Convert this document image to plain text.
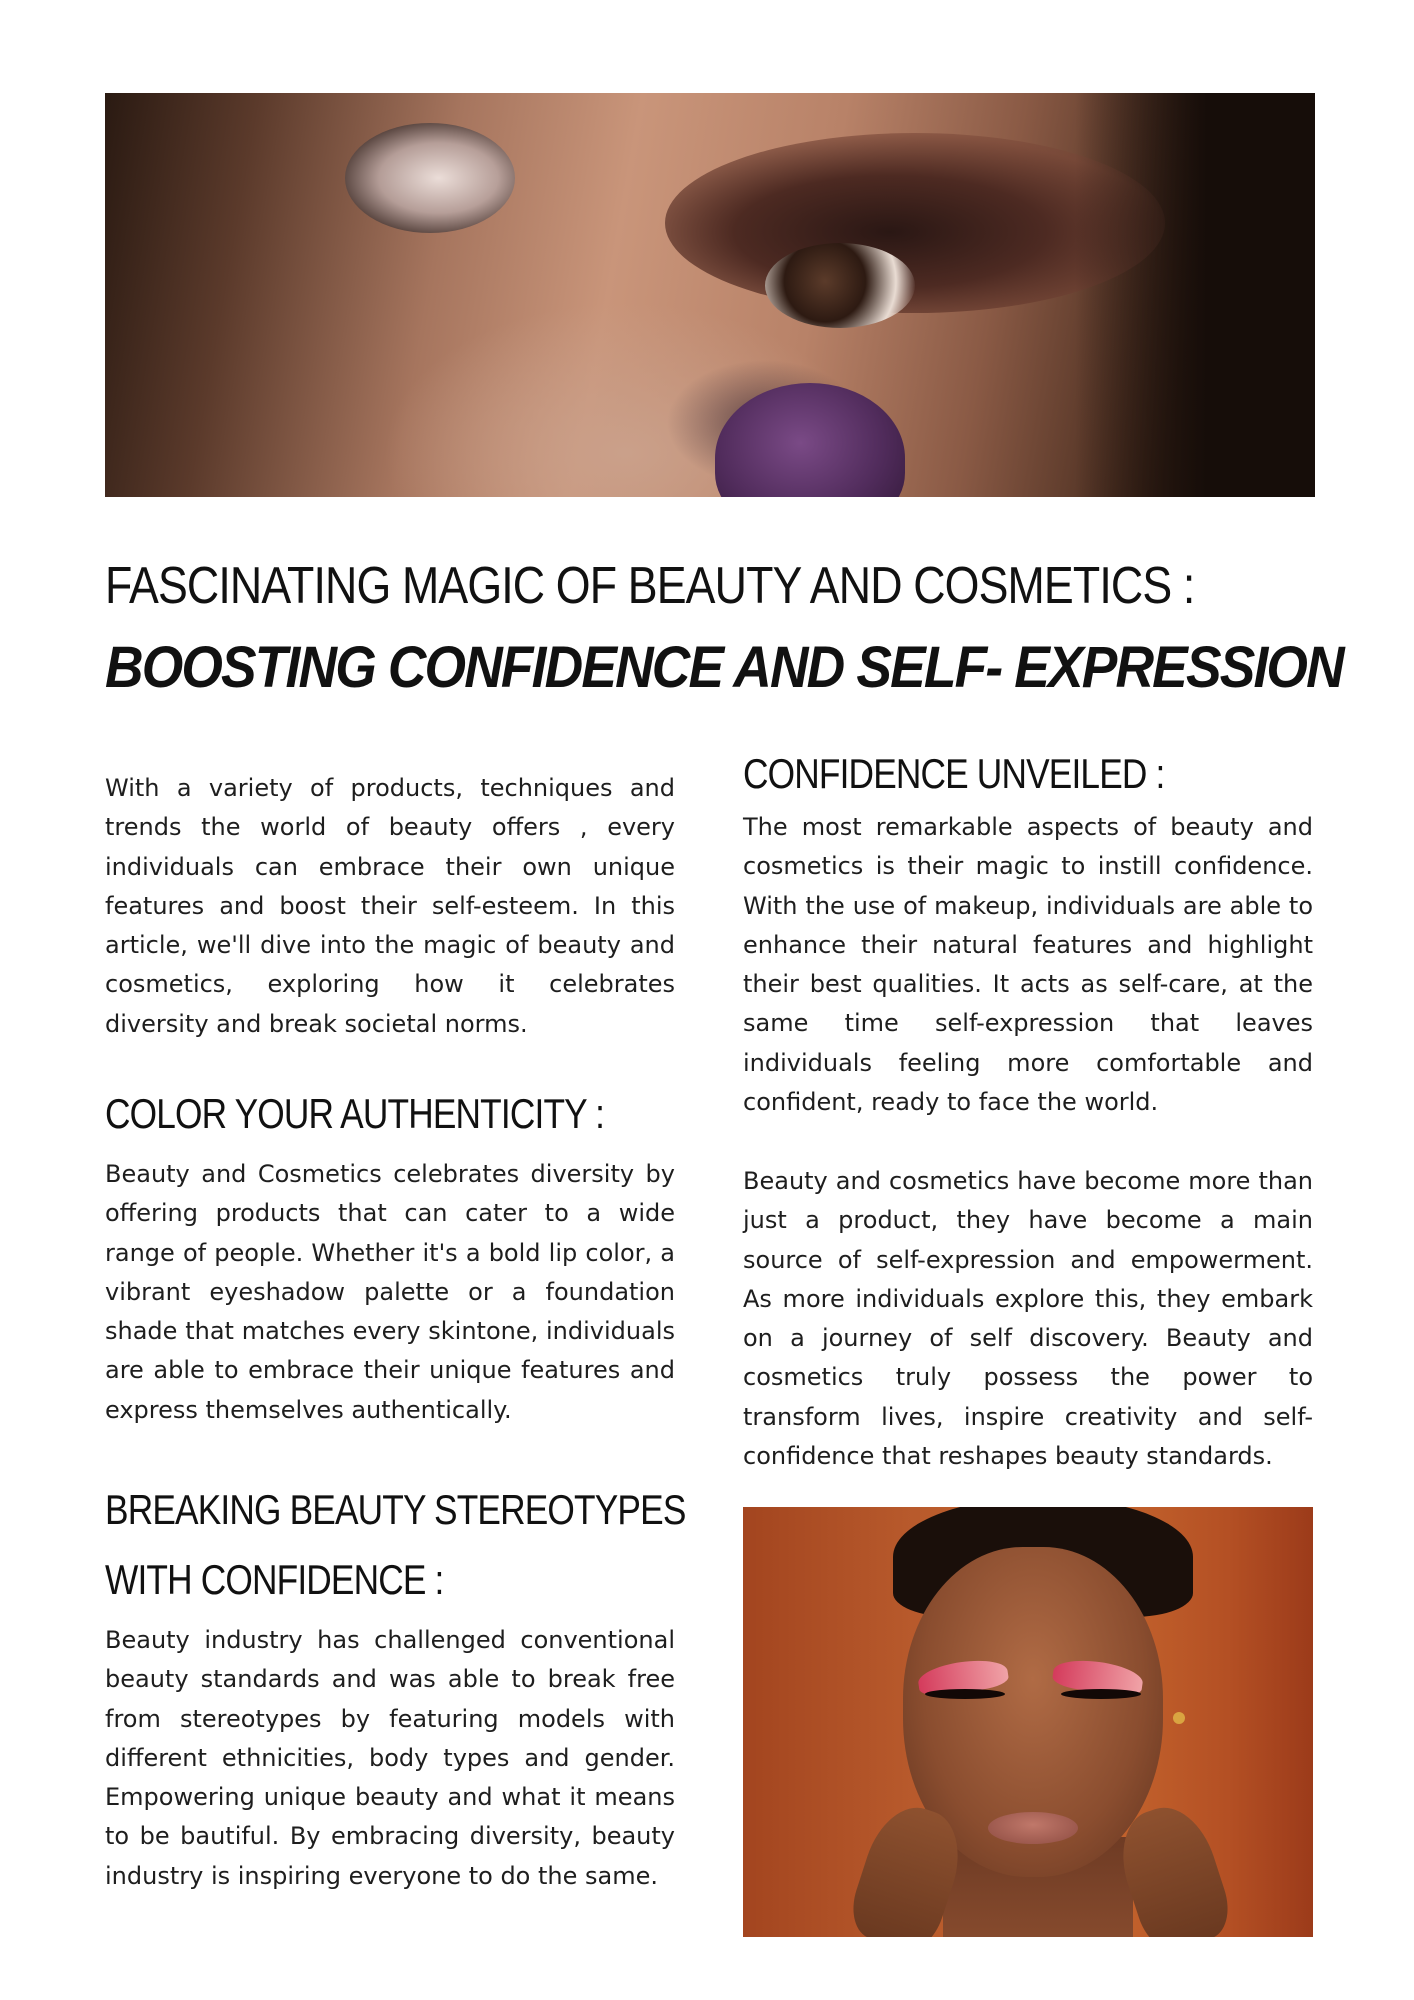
FASCINATING MAGIC OF BEAUTY AND COSMETICS :
BOOSTING CONFIDENCE AND SELF- EXPRESSION

With a variety of products, techniques and trends the world of beauty offers , every individuals can embrace their own unique features and boost their self-esteem. In this article, we'll dive into the magic of beauty and cosmetics, exploring how it celebrates diversity and break societal norms.

COLOR YOUR AUTHENTICITY :

Beauty and Cosmetics celebrates diversity by offering products that can cater to a wide range of people. Whether it's a bold lip color, a vibrant eyeshadow palette or a foundation shade that matches every skintone, individuals are able to embrace their unique features and express themselves authentically.

BREAKING BEAUTY STEREOTYPES
WITH CONFIDENCE :

Beauty industry has challenged conventional beauty standards and was able to break free from stereotypes by featuring models with different ethnicities, body types and gender. Empowering unique beauty and what it means to be bautiful. By embracing diversity, beauty industry is inspiring everyone to do the same.

CONFIDENCE UNVEILED :

The most remarkable aspects of beauty and cosmetics is their magic to instill confidence. With the use of makeup, individuals are able to enhance their natural features and highlight their best qualities. It acts as self-care, at the same time self-expression that leaves individuals feeling more comfortable and confident, ready to face the world.

Beauty and cosmetics have become more than just a product, they have become a main source of self-expression and empowerment. As more individuals explore this, they embark on a journey of self discovery. Beauty and cosmetics truly possess the power to transform lives, inspire creativity and self-confidence that reshapes beauty standards.
